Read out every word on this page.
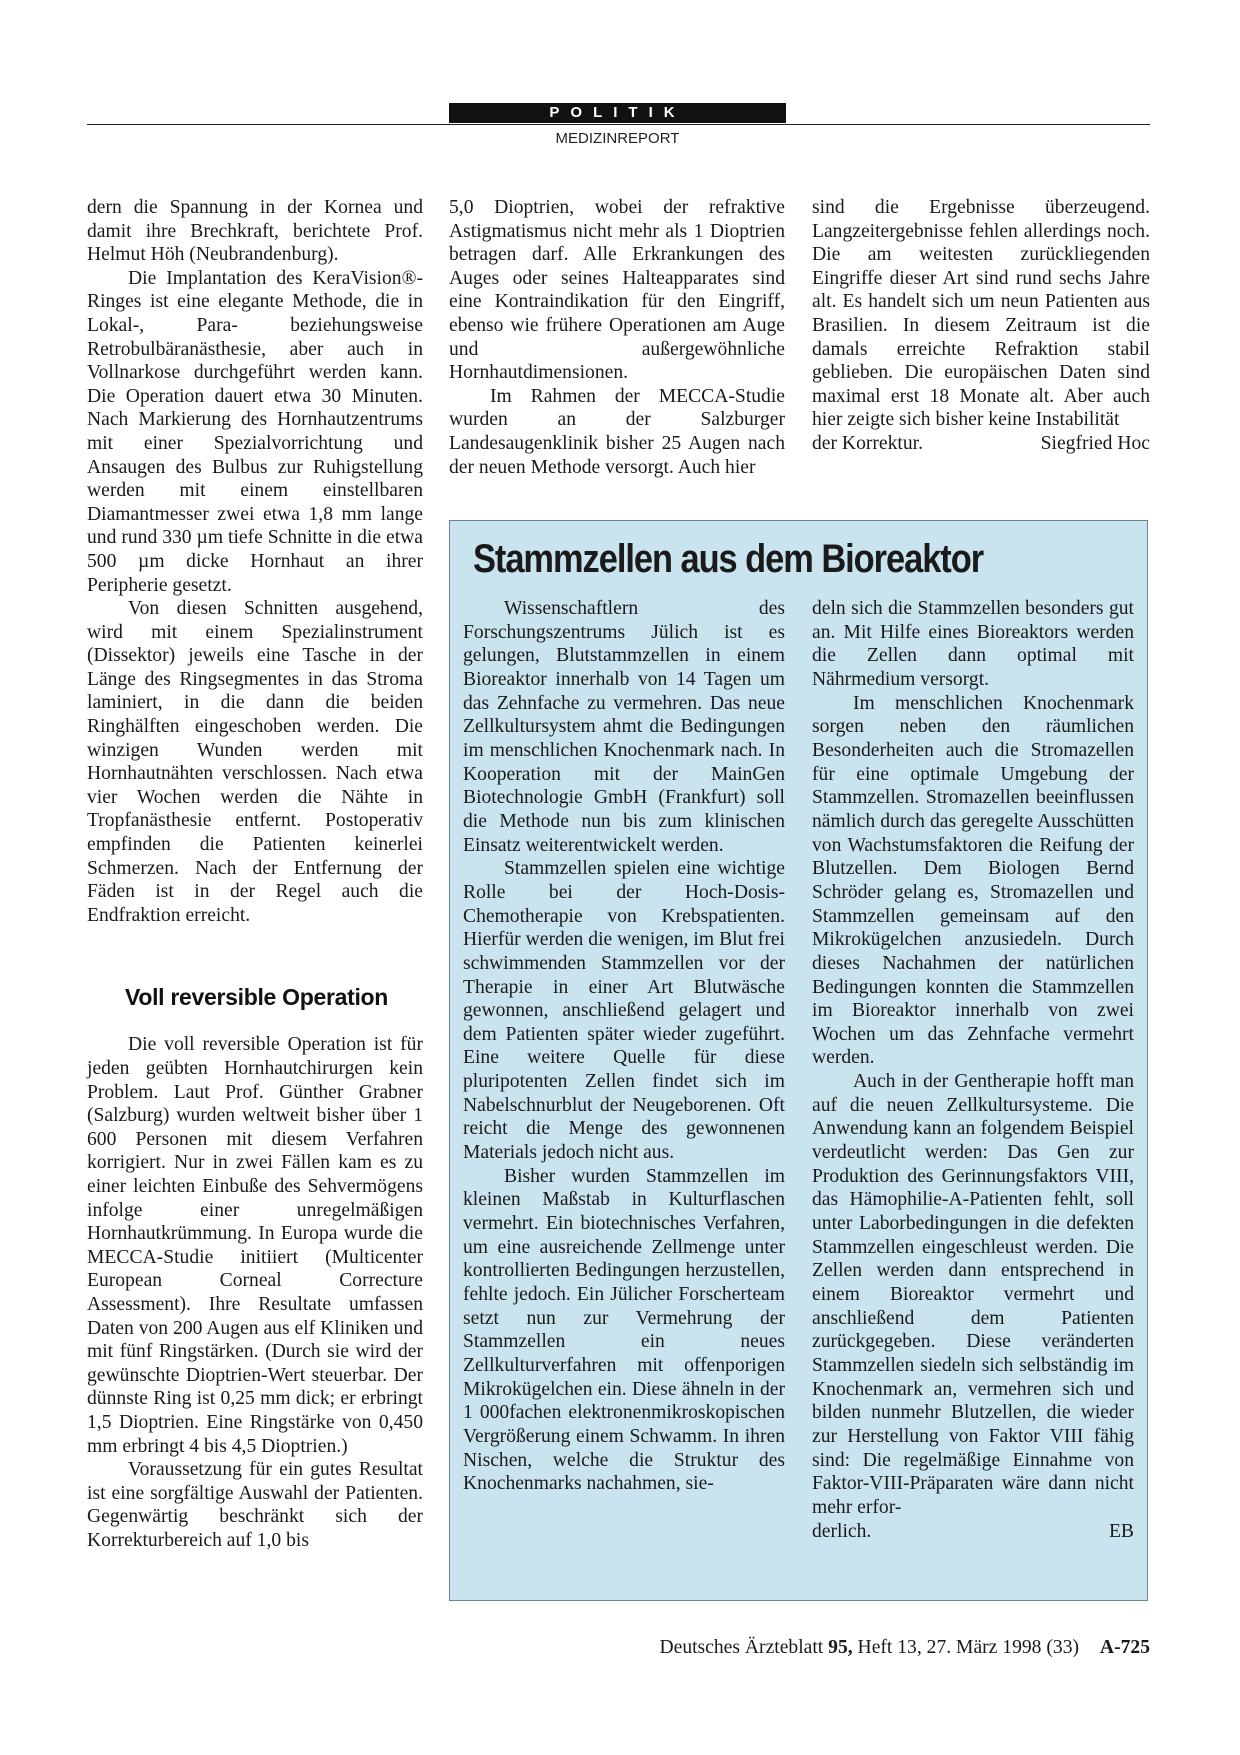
POLITIK
MEDIZINREPORT

dern die Spannung in der Kornea und damit ihre Brechkraft, berichtete Prof. Helmut Höh (Neubrandenburg).

Die Implantation des KeraVision®-Ringes ist eine elegante Methode, die in Lokal-, Para- beziehungsweise Retrobulbäranästhesie, aber auch in Vollnarkose durchgeführt werden kann. Die Operation dauert etwa 30 Minuten. Nach Markierung des Hornhautzentrums mit einer Spezialvorrichtung und Ansaugen des Bulbus zur Ruhigstellung werden mit einem einstellbaren Diamantmesser zwei etwa 1,8 mm lange und rund 330 µm tiefe Schnitte in die etwa 500 µm dicke Hornhaut an ihrer Peripherie gesetzt.

Von diesen Schnitten ausgehend, wird mit einem Spezialinstrument (Dissektor) jeweils eine Tasche in der Länge des Ringsegmentes in das Stroma laminiert, in die dann die beiden Ringhälften eingeschoben werden. Die winzigen Wunden werden mit Hornhautnähten verschlossen. Nach etwa vier Wochen werden die Nähte in Tropfanästhesie entfernt. Postoperativ empfinden die Patienten keinerlei Schmerzen. Nach der Entfernung der Fäden ist in der Regel auch die Endfraktion erreicht.

Voll reversible Operation

Die voll reversible Operation ist für jeden geübten Hornhautchirurgen kein Problem. Laut Prof. Günther Grabner (Salzburg) wurden weltweit bisher über 1 600 Personen mit diesem Verfahren korrigiert. Nur in zwei Fällen kam es zu einer leichten Einbuße des Sehvermögens infolge einer unregelmäßigen Hornhautkrümmung. In Europa wurde die MECCA-Studie initiiert (Multicenter European Corneal Correcture Assessment). Ihre Resultate umfassen Daten von 200 Augen aus elf Kliniken und mit fünf Ringstärken. (Durch sie wird der gewünschte Dioptrien-Wert steuerbar. Der dünnste Ring ist 0,25 mm dick; er erbringt 1,5 Dioptrien. Eine Ringstärke von 0,450 mm erbringt 4 bis 4,5 Dioptrien.)

Voraussetzung für ein gutes Resultat ist eine sorgfältige Auswahl der Patienten. Gegenwärtig beschränkt sich der Korrekturbereich auf 1,0 bis

5,0 Dioptrien, wobei der refraktive Astigmatismus nicht mehr als 1 Dioptrien betragen darf. Alle Erkrankungen des Auges oder seines Halteapparates sind eine Kontraindikation für den Eingriff, ebenso wie frühere Operationen am Auge und außergewöhnliche Hornhautdimensionen.

Im Rahmen der MECCA-Studie wurden an der Salzburger Landesaugenklinik bisher 25 Augen nach der neuen Methode versorgt. Auch hier

sind die Ergebnisse überzeugend. Langzeitergebnisse fehlen allerdings noch. Die am weitesten zurückliegenden Eingriffe dieser Art sind rund sechs Jahre alt. Es handelt sich um neun Patienten aus Brasilien. In diesem Zeitraum ist die damals erreichte Refraktion stabil geblieben. Die europäischen Daten sind maximal erst 18 Monate alt. Aber auch hier zeigte sich bisher keine Instabilität

der Korrektur.	Siegfried Hoc

Stammzellen aus dem Bioreaktor

Wissenschaftlern des Forschungszentrums Jülich ist es gelungen, Blutstammzellen in einem Bioreaktor innerhalb von 14 Tagen um das Zehnfache zu vermehren. Das neue Zellkultursystem ahmt die Bedingungen im menschlichen Knochenmark nach. In Kooperation mit der MainGen Biotechnologie GmbH (Frankfurt) soll die Methode nun bis zum klinischen Einsatz weiterentwickelt werden.

Stammzellen spielen eine wichtige Rolle bei der Hoch-Dosis-Chemotherapie von Krebspatienten. Hierfür werden die wenigen, im Blut frei schwimmenden Stammzellen vor der Therapie in einer Art Blutwäsche gewonnen, anschließend gelagert und dem Patienten später wieder zugeführt. Eine weitere Quelle für diese pluripotenten Zellen findet sich im Nabelschnurblut der Neugeborenen. Oft reicht die Menge des gewonnenen Materials jedoch nicht aus.

Bisher wurden Stammzellen im kleinen Maßstab in Kulturflaschen vermehrt. Ein biotechnisches Verfahren, um eine ausreichende Zellmenge unter kontrollierten Bedingungen herzustellen, fehlte jedoch. Ein Jülicher Forscherteam setzt nun zur Vermehrung der Stammzellen ein neues Zellkulturverfahren mit offenporigen Mikrokügelchen ein. Diese ähneln in der 1 000fachen elektronenmikroskopischen Vergrößerung einem Schwamm. In ihren Nischen, welche die Struktur des Knochenmarks nachahmen, sie-

deln sich die Stammzellen besonders gut an. Mit Hilfe eines Bioreaktors werden die Zellen dann optimal mit Nährmedium versorgt.

Im menschlichen Knochenmark sorgen neben den räumlichen Besonderheiten auch die Stromazellen für eine optimale Umgebung der Stammzellen. Stromazellen beeinflussen nämlich durch das geregelte Ausschütten von Wachstumsfaktoren die Reifung der Blutzellen. Dem Biologen Bernd Schröder gelang es, Stromazellen und Stammzellen gemeinsam auf den Mikrokügelchen anzusiedeln. Durch dieses Nachahmen der natürlichen Bedingungen konnten die Stammzellen im Bioreaktor innerhalb von zwei Wochen um das Zehnfache vermehrt werden.

Auch in der Gentherapie hofft man auf die neuen Zellkultursysteme. Die Anwendung kann an folgendem Beispiel verdeutlicht werden: Das Gen zur Produktion des Gerinnungsfaktors VIII, das Hämophilie-A-Patienten fehlt, soll unter Laborbedingungen in die defekten Stammzellen eingeschleust werden. Die Zellen werden dann entsprechend in einem Bioreaktor vermehrt und anschließend dem Patienten zurückgegeben. Diese veränderten Stammzellen siedeln sich selbständig im Knochenmark an, vermehren sich und bilden nunmehr Blutzellen, die wieder zur Herstellung von Faktor VIII fähig sind: Die regelmäßige Einnahme von Faktor-VIII-Präparaten wäre dann nicht mehr erfor-

derlich.	EB

Deutsches Ärzteblatt 95, Heft 13, 27. März 1998 (33) A-725
